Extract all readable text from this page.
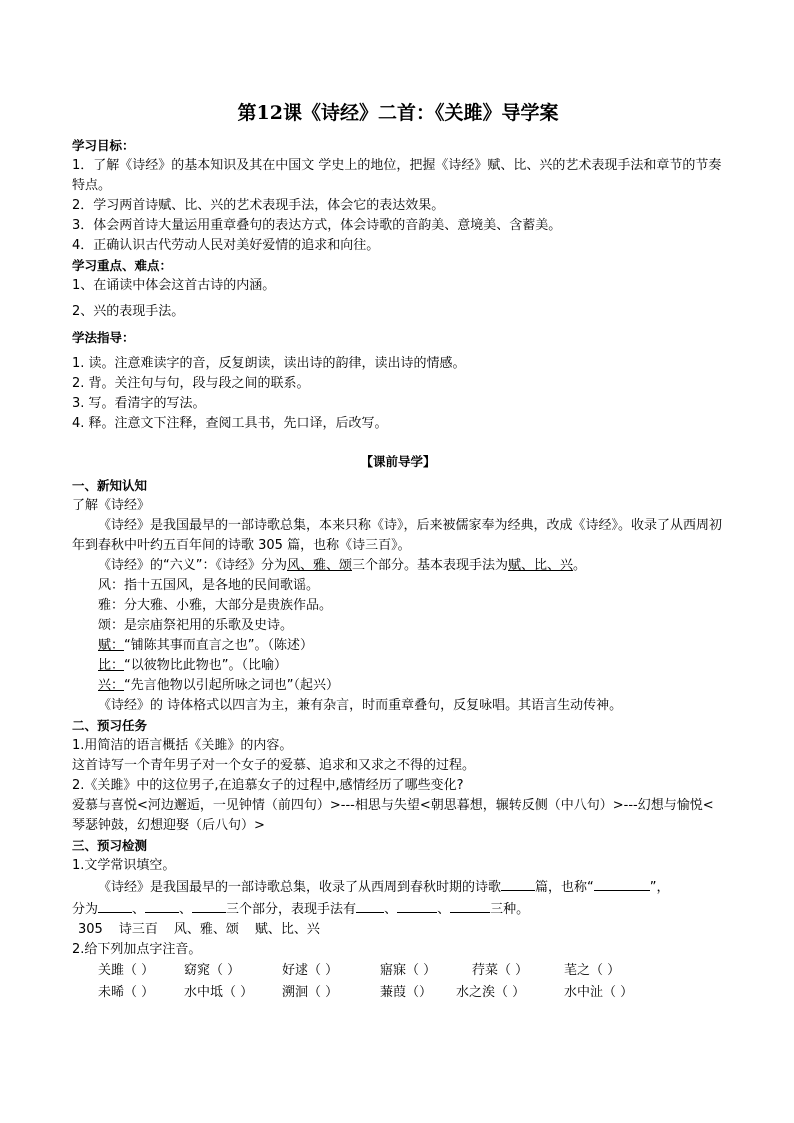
第12课《诗经》二首：《关雎》导学案
学习目标：
1．了解《诗经》的基本知识及其在中国文 学史上的地位，把握《诗经》赋、比、兴的艺术表现手法和章节的节奏特点。
2．学习两首诗赋、比、兴的艺术表现手法，体会它的表达效果。
3．体会两首诗大量运用重章叠句的表达方式，体会诗歌的音韵美、意境美、含蓄美。
4．正确认识古代劳动人民对美好爱情的追求和向往。
学习重点、难点：
1、在诵读中体会这首古诗的内涵。
2、兴的表现手法。
学法指导：
1. 读。注意难读字的音，反复朗读，读出诗的韵律，读出诗的情感。
2. 背。关注句与句，段与段之间的联系。
3. 写。看清字的写法。
4. 释。注意文下注释，查阅工具书，先口译，后改写。
【课前导学】
一、新知认知
了解《诗经》
《诗经》是我国最早的一部诗歌总集，本来只称《诗》，后来被儒家奉为经典，改成《诗经》。收录了从西周初年到春秋中叶约五百年间的诗歌 305 篇，也称《诗三百》。
《诗经》的“六义”：《诗经》分为风、雅、颂三个部分。基本表现手法为赋、比、兴。
风：指十五国风，是各地的民间歌谣。
雅：分大雅、小雅，大部分是贵族作品。
颂：是宗庙祭祀用的乐歌及史诗。
赋：“铺陈其事而直言之也”。（陈述）
比：“以彼物比此物也”。（比喻）
兴：“先言他物以引起所咏之词也”（起兴）
《诗经》的 诗体格式以四言为主，兼有杂言，时而重章叠句，反复咏唱。其语言生动传神。
二、预习任务
1.用简洁的语言概括《关雎》的内容。
这首诗写一个青年男子对一个女子的爱慕、追求和又求之不得的过程。
2.《关雎》中的这位男子,在追慕女子的过程中,感情经历了哪些变化?
爱慕与喜悦<河边邂逅，一见钟情（前四句）>---相思与失望<朝思暮想，辗转反侧（中八句）>---幻想与愉悦<琴瑟钟鼓，幻想迎娶（后八句）>
三、预习检测
1.文学常识填空。
《诗经》是我国最早的一部诗歌总集，收录了从西周到春秋时期的诗歌	篇，也称“	”，
分为	、	、	三个部分，表现手法有 、	、	三种。
305 诗三百 风、雅、颂 赋、比、兴
2.给下列加点字注音。
关雎（ ）	窈窕（ ）	好逑（ ）	寤寐（ ）	荇菜（ ）	芼之（ ）
未晞（ ）	水中坻（ ）	溯洄（ ）	蒹葭（）	水之涘（ ）	水中沚（ ）
